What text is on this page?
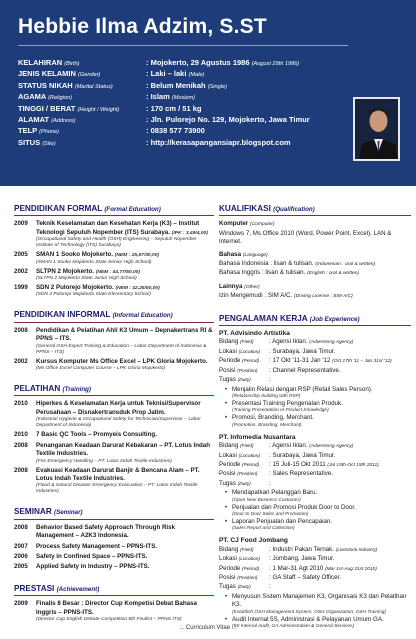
Hebbie Ilma Adzim, S.ST
KELAHIRAN (Birth)	: Mojokerto, 29 Agustus 1986 (August 29th 1986)
JENIS KELAMIN (Gender)	: Laki – laki (Male)
STATUS NIKAH (Marital Status)	: Belum Menikah (Single)
AGAMA (Religion)	: Islam (Moslem)
TINGGI / BERAT (Height / Weight)	: 170 cm / 51 kg
ALAMAT (Address)	: Jln. Pulorejo No. 129, Mojokerto, Jawa Timur
TELP (Phone)	: 0838 577 73900
SITUS (Site)	: http://kerasapangansiapr.blogspot.com
PENDIDIKAN FORMAL (Formal Education)
2009	Teknik Keselamatan dan Kesehatan Kerja (K3) – Institut Teknologi Sepuluh Nopember (ITS) Surabaya. (IPK : 3,49/4,00)
(Occupational Safety and Health (OSH) Engineering – Sepuluh Nopember Institute of Technology (ITS) Surabaya)
2005	SMAN 1 Sooko Mojokerto. (NEM : 25,67/30,00)
(SMAN 1 Sooko Mojokerto State Senior High School)
2002	SLTPN 2 Mojokerto. (NEM : 44,77/50,00)
(SLTPN 2 Mojokerto State Junior High School)
1999	SDN 2 Pulorejo Mojokerto. (NEM : 42,25/50,00)
(SDN 2 Pulorejo Mojokerto State Elementary School)
PENDIDIKAN INFORMAL (Informal Education)
2008	Pendidikan & Pelatihan Ahli K3 Umum – Depnakertrans RI & PPNS – ITS.
(General OSH Expert Training & Education – Labor Department of Indonesia & PPNS – ITS)
2002	Kursus Komputer Ms Office Excel – LPK Gloria Mojokerto.
(Ms Office Excel Computer Course – LPK Gloria Mojokerto)
PELATIHAN (Training)
2010	Hiperkes & Keselamatan Kerja untuk Teknisi/Supervisor Perusahaan – Disnakertransduk Prop Jatim.
(Industrial Hygiene & Occupational Safety for Technician/Supervisor – Labor Department of Indonesia)
2010	7 Basic QC Tools – Promyeis Consulting.
2008	Penanganan Keadaan Darurat Kebakaran – PT. Lotus Indah Textile Industries.
(Fire Emergency Handling – PT. Lotus Indah Textile Industries)
2008	Evakuasi Keadaan Darurat Banjir & Bencana Alam – PT. Lotus Indah Textile Industries.
(Flood & Natural Disaster Emergency Evacuation – PT. Lotus Indah Textile Industries)
SEMINAR (Seminar)
2008	Behavior Based Safety Approach Through Risk Management – A2K3 Indonesia.
2007	Process Safety Management – PPNS-ITS.
2006	Safety in Confined Space – PPNS-ITS.
2005	Applied Safety in Industry – PPNS-ITS.
PRESTASI (Achievement)
2009	Finalis 8 Besar : Director Cup Kompetisi Debat Bahasa Inggris – PPNS-ITS.
(Director Cup English Debate Competition 8th Finalist – PPNS-ITS)
KUALIFIKASI (Qualification)
Komputer (Computer)
Windows 7, Ms Office 2010 (Word, Power Point, Excel), LAN & Internet.
Bahasa (Language)
Bahasa Indonesia : lisan & tulisan. (Indonesian : oral & written)
Bahasa Inggris : lisan & tulisan. (English : oral & written)
Lainnya (Other)
Izin Mengemudi : SIM A/C. (Driving License : SIM A/C)
PENGALAMAN KERJA (Job Experience)
PT. Advisindo Artistika
Bidang (Field)	: Agensi Iklan. (Advertising Agency)
Lokasi (Location)	: Surabaya, Jawa Timur.
Periode (Period)	: 17 Okt '11-31 Jan '12 (Oct 17th '11 – Jan 31st '12)
Posisi (Position)	: Channel Representative.
Tugas (Duty)	:
• Menjalin Relasi dengan RSP (Retail Sales Person).
(Relationship building with RSP)
• Presentasi Training Pengenalan Produk.
(Training Presentation of Product Knowledge)
• Promosi, Branding, Merchant.
(Promotion, Branding, Merchant)
PT. Infomedia Nusantara
Bidang (Field)	: Agensi Iklan. (Advertising Agency)
Lokasi (Location)	: Surabaya, Jawa Timur.
Periode (Period)	: 15 Juli-15 Okt 2011 (Jul 15th-Oct 15th 2011)
Posisi (Position)	: Sales Representative.
Tugas (Duty)	:
• Mendapatkan Pelanggan Baru.
(Open New Business Customer)
• Penjualan dan Promosi Produk Door to Door.
(Door to Door Sales and Promotion)
• Laporan Penjualan dan Pencapaian.
(Sales Report and Collection)
PT. CJ Food Jombang
Bidang (Field)	: Industri Pakan Ternak. (Livestock Industry)
Lokasi (Location)	: Jombang, Jawa Timur.
Periode (Period)	: 1 Mar-31 Agt 2010 (Mar 1st-Aug 31st 2010)
Posisi (Position)	: GA Staff – Safety Officer.
Tugas (Duty)	:
• Menyusun Sistem Manajemen K3, Organisasi K3 dan Pelatihan K3.
(Establish OSH Management System, OSH Organization, OSH Training)
• Audit Internal 5S, Administrasi & Pelayanan Umum GA.
(5S Internal Audit, GA Administration & General Services)
.:. Curriculum Vitae .:.
